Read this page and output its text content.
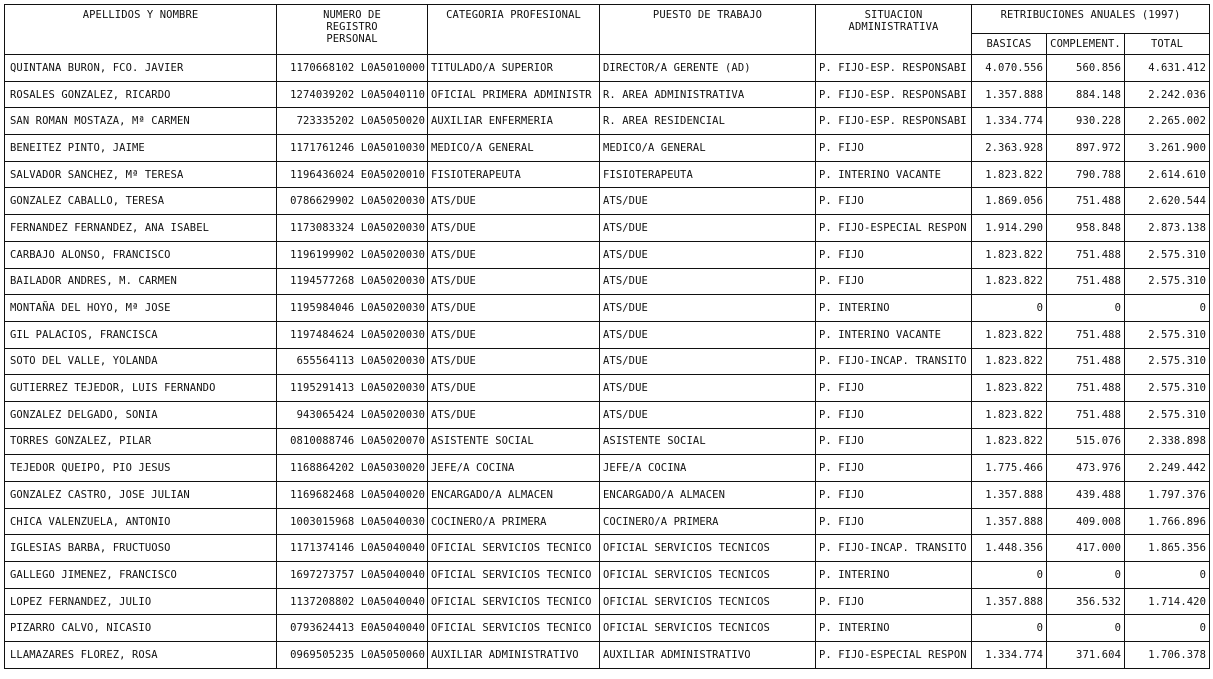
APELLIDOS Y NOMBRE	NUMERO DE
REGISTRO
PERSONAL	CATEGORIA PROFESIONAL	PUESTO DE TRABAJO	SITUACION
ADMINISTRATIVA	RETRIBUCIONES ANUALES (1997)		
					BASICAS	COMPLEMENT.	TOTAL
QUINTANA BURON, FCO. JAVIER	1170668102 L0A5010000	TITULADO/A SUPERIOR	DIRECTOR/A GERENTE (AD)	P. FIJO-ESP. RESPONSABI	4.070.556	560.856	4.631.412
ROSALES GONZALEZ, RICARDO	1274039202 L0A5040110	OFICIAL PRIMERA ADMINISTR	R. AREA ADMINISTRATIVA	P. FIJO-ESP. RESPONSABI	1.357.888	884.148	2.242.036
SAN ROMAN MOSTAZA, Mª CARMEN	723335202 L0A5050020	AUXILIAR ENFERMERIA	R. AREA RESIDENCIAL	P. FIJO-ESP. RESPONSABI	1.334.774	930.228	2.265.002
BENEITEZ PINTO, JAIME	1171761246 L0A5010030	MEDICO/A GENERAL	MEDICO/A GENERAL	P. FIJO	2.363.928	897.972	3.261.900
SALVADOR SANCHEZ, Mª TERESA	1196436024 E0A5020010	FISIOTERAPEUTA	FISIOTERAPEUTA	P. INTERINO VACANTE	1.823.822	790.788	2.614.610
GONZALEZ CABALLO, TERESA	0786629902 L0A5020030	ATS/DUE	ATS/DUE	P. FIJO	1.869.056	751.488	2.620.544
FERNANDEZ FERNANDEZ, ANA ISABEL	1173083324 L0A5020030	ATS/DUE	ATS/DUE	P. FIJO-ESPECIAL RESPON	1.914.290	958.848	2.873.138
CARBAJO ALONSO, FRANCISCO	1196199902 L0A5020030	ATS/DUE	ATS/DUE	P. FIJO	1.823.822	751.488	2.575.310
BAILADOR ANDRES, M. CARMEN	1194577268 L0A5020030	ATS/DUE	ATS/DUE	P. FIJO	1.823.822	751.488	2.575.310
MONTAÑA DEL HOYO, Mª JOSE	1195984046 L0A5020030	ATS/DUE	ATS/DUE	P. INTERINO	0	0	0
GIL PALACIOS, FRANCISCA	1197484624 L0A5020030	ATS/DUE	ATS/DUE	P. INTERINO VACANTE	1.823.822	751.488	2.575.310
SOTO DEL VALLE, YOLANDA	655564113 L0A5020030	ATS/DUE	ATS/DUE	P. FIJO-INCAP. TRANSITO	1.823.822	751.488	2.575.310
GUTIERREZ TEJEDOR, LUIS FERNANDO	1195291413 L0A5020030	ATS/DUE	ATS/DUE	P. FIJO	1.823.822	751.488	2.575.310
GONZALEZ DELGADO, SONIA	943065424 L0A5020030	ATS/DUE	ATS/DUE	P. FIJO	1.823.822	751.488	2.575.310
TORRES GONZALEZ, PILAR	0810088746 L0A5020070	ASISTENTE SOCIAL	ASISTENTE SOCIAL	P. FIJO	1.823.822	515.076	2.338.898
TEJEDOR QUEIPO, PIO JESUS	1168864202 L0A5030020	JEFE/A COCINA	JEFE/A COCINA	P. FIJO	1.775.466	473.976	2.249.442
GONZALEZ CASTRO, JOSE JULIAN	1169682468 L0A5040020	ENCARGADO/A ALMACEN	ENCARGADO/A ALMACEN	P. FIJO	1.357.888	439.488	1.797.376
CHICA VALENZUELA, ANTONIO	1003015968 L0A5040030	COCINERO/A PRIMERA	COCINERO/A PRIMERA	P. FIJO	1.357.888	409.008	1.766.896
IGLESIAS BARBA, FRUCTUOSO	1171374146 L0A5040040	OFICIAL SERVICIOS TECNICO	OFICIAL SERVICIOS TECNICOS	P. FIJO-INCAP. TRANSITO	1.448.356	417.000	1.865.356
GALLEGO JIMENEZ, FRANCISCO	1697273757 L0A5040040	OFICIAL SERVICIOS TECNICO	OFICIAL SERVICIOS TECNICOS	P. INTERINO	0	0	0
LOPEZ FERNANDEZ, JULIO	1137208802 L0A5040040	OFICIAL SERVICIOS TECNICO	OFICIAL SERVICIOS TECNICOS	P. FIJO	1.357.888	356.532	1.714.420
PIZARRO CALVO, NICASIO	0793624413 E0A5040040	OFICIAL SERVICIOS TECNICO	OFICIAL SERVICIOS TECNICOS	P. INTERINO	0	0	0
LLAMAZARES FLOREZ, ROSA	0969505235 L0A5050060	AUXILIAR ADMINISTRATIVO	AUXILIAR ADMINISTRATIVO	P. FIJO-ESPECIAL RESPON	1.334.774	371.604	1.706.378
